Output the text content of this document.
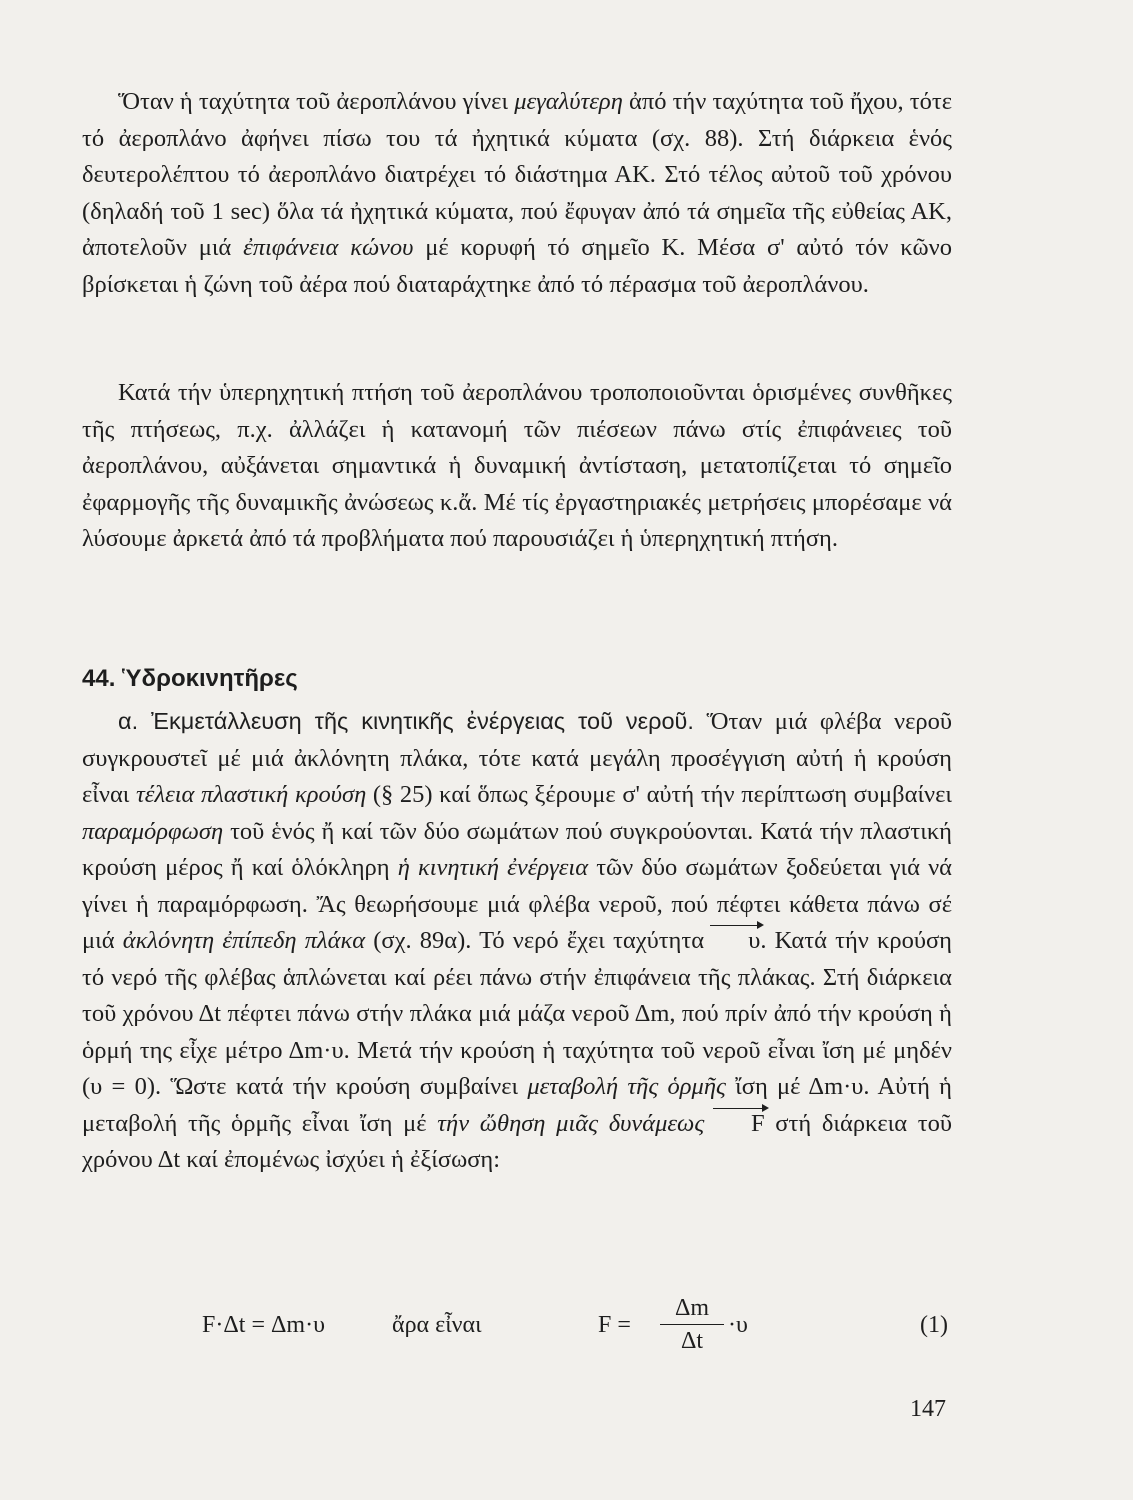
Ὅταν ἡ ταχύτητα τοῦ ἀεροπλάνου γίνει μεγαλύτερη ἀπό τήν ταχύτητα τοῦ ἤχου, τότε τό ἀεροπλάνο ἀφήνει πίσω του τά ἠχητικά κύματα (σχ. 88). Στή διάρκεια ἑνός δευτερολέπτου τό ἀεροπλάνο διατρέχει τό διάστημα ΑΚ. Στό τέλος αὐτοῦ τοῦ χρόνου (δηλαδή τοῦ 1 sec) ὅλα τά ἠχητικά κύματα, πού ἔφυγαν ἀπό τά σημεῖα τῆς εὐθείας ΑΚ, ἀποτελοῦν μιά ἐπιφάνεια κώνου μέ κορυφή τό σημεῖο Κ. Μέσα σ' αὐτό τόν κῶνο βρίσκεται ἡ ζώνη τοῦ ἀέρα πού διαταράχτηκε ἀπό τό πέρασμα τοῦ ἀεροπλάνου.
Κατά τήν ὑπερηχητική πτήση τοῦ ἀεροπλάνου τροποποιοῦνται ὁρισμένες συνθῆκες τῆς πτήσεως, π.χ. ἀλλάζει ἡ κατανομή τῶν πιέσεων πάνω στίς ἐπιφάνειες τοῦ ἀεροπλάνου, αὐξάνεται σημαντικά ἡ δυναμική ἀντίσταση, μετατοπίζεται τό σημεῖο ἐφαρμογῆς τῆς δυναμικῆς ἀνώσεως κ.ἄ. Μέ τίς ἐργαστηριακές μετρήσεις μπορέσαμε νά λύσουμε ἀρκετά ἀπό τά προβλήματα πού παρουσιάζει ἡ ὑπερηχητική πτήση.
44. Ὑδροκινητῆρες
α. Ἐκμετάλλευση τῆς κινητικῆς ἐνέργειας τοῦ νεροῦ. Ὅταν μιά φλέβα νεροῦ συγκρουστεῖ μέ μιά ἀκλόνητη πλάκα, τότε κατά μεγάλη προσέγγιση αὐτή ἡ κρούση εἶναι τέλεια πλαστική κρούση (§ 25) καί ὅπως ξέρουμε σ' αὐτή τήν περίπτωση συμβαίνει παραμόρφωση τοῦ ἑνός ἤ καί τῶν δύο σωμάτων πού συγκρούονται. Κατά τήν πλαστική κρούση μέρος ἤ καί ὁλόκληρη ἡ κινητική ἐνέργεια τῶν δύο σωμάτων ξοδεύεται γιά νά γίνει ἡ παραμόρφωση. Ἄς θεωρήσουμε μιά φλέβα νεροῦ, πού πέφτει κάθετα πάνω σέ μιά ἀκλόνητη ἐπίπεδη πλάκα (σχ. 89α). Τό νερό ἔχει ταχύτητα υ. Κατά τήν κρούση τό νερό τῆς φλέβας ἁπλώνεται καί ρέει πάνω στήν ἐπιφάνεια τῆς πλάκας. Στή διάρκεια τοῦ χρόνου Δt πέφτει πάνω στήν πλάκα μιά μάζα νεροῦ Δm, πού πρίν ἀπό τήν κρούση ἡ ὁρμή της εἶχε μέτρο Δm·υ. Μετά τήν κρούση ἡ ταχύτητα τοῦ νεροῦ εἶναι ἴση μέ μηδέν (υ = 0). Ὥστε κατά τήν κρούση συμβαίνει μεταβολή τῆς ὁρμῆς ἴση μέ Δm·υ. Αὐτή ἡ μεταβολή τῆς ὁρμῆς εἶναι ἴση μέ τήν ὤθηση μιᾶς δυνάμεως F στή διάρκεια τοῦ χρόνου Δt καί ἐπομένως ἰσχύει ἡ ἐξίσωση:
F·Δt = Δm·υ	ἄρα εἶναι	F =
Δm
Δt
·υ	(1)
147
